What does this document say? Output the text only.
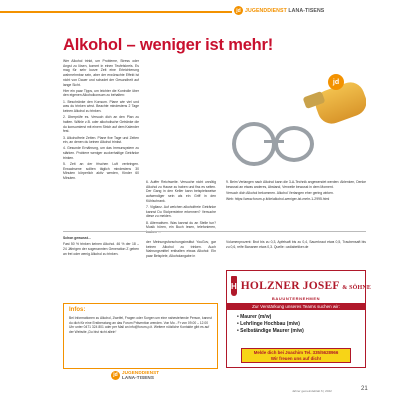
jd JUGENDDIENST LANA-TISENS
Alkohol – weniger ist mehr!

Wer Alkohol trinkt, um Probleme, Stress oder Angst zu lösen, kommt in einen Teufelskreis. Es mag für sehr kurze Zeit eine Erleichterung wahrnehmbar sein, aber der erwünschte Effekt ist nicht von Dauer und schadet der Gesundheit auf lange Sicht.

Hier ein paar Tipps, um leichter die Kontrolle über den eigenen Alkoholkonsum zu behalten:

1. Beschränke den Konsum. Plane wie viel und was du trinken wirst. Beachte mindestens 2 Tage keinen Alkohol zu trinken.

2. Überprüfe es. Versuch dich an den Plan zu halten. Wähle z.B. oder alkoholische Getränke die du konsumierst mit einem Strich auf dem Kalender fest.

3. Alkoholfreie Zeiten. Plane fixe Tage und Zeiten ein, an denen du keinen Alkohol trinkst.

4. Gesunde Ernährung, um das Immunsystem zu stärken. Probiere weniger zuckerhaltige Getränke trinken.

5. Zeit an der frischen Luft verbringen. Erwachsene sollten täglich mindestens 30 Minuten körperlich aktiv werden, Kinder 60 Minuten.

jd

6. Auffer Reichweite. Versuche nicht unnötig Alkohol zu Hause zu haben und fiss es selten. Der Gang in den Keller kann beispielsweise aufwendiger sein als ein Griff in den Kühlschrank.

7. Vigilanz. Auf welchen alkoholfreie Getränke kannst Du Stolpersteine erkennen? Versuche diese zu meiden.

8. Alternativen. Was kannst du an Stelle tun? Musik hören, ein Buch lesen, telefonieren, kochen ...

9. Beim Verlangen nach Alkohol kann die 3-A-Technik angewendet werden: Ablenken, Denke bewusst an etwas anderes, Abstand, Verweile bewusst in dem Moment.

Versuch dich Alkohol bekommen. Alkohol Verlangen eher gering wirken.

Web: https://www.forum-p.it/de/alkohol-weniger-ist-mehr-1-2995.html

Schon gewusst...

Fast 50 % trinken keinen Alkohol. 46 % der 18 – 24 Jährigen der sogenannten Generation Z geben an frei oder wenig Alkohol zu trinken.

der Meinungsforschungsinstitut YouGov, gar keinen Alkohol zu trinken. Auch Nahrungsmittel enthalten etwas Alkohol: Ein paar Beispiele, Alkoholangabe in

Volumenprozent: Brot bis zu 0,3, Apfelsaft bis zu 0,4, Sauerkraut etwa 0,5, Traubensaft bis zu 0,6, reife Bananen etwa 0,3. Quelle: ozdiabetiker.de

Infos:
Bei Informationen zu Alkohol, Zweifel, Fragen oder Sorgen um eine nahestehende Person, kannst du dich für eine Erstberatung an das Forum Prävention wenden. Von Mo - Fr von 09.00 – 12.00 Uhr unter 0471 324 801 oder per Mail an info@forum-p.it. Weitere nützliche Kontakte gibt es auf der Website „Du bist nicht allein“
jd JUGENDDIENST
LANA-TISENS
H HOLZNER JOSEF & SÖHNE
BAUUNTERNEHMEN
Zur Verstärkung unseres Teams suchen wir:
• Maurer (m/w)
• Lehrlinge Hochbau (m/w)
• Selbständige Maurer (m/w)
Melde dich bei Joachim Tel. 335/5628966
Wir freuen uns auf dich!
Jahrer gemeindeblatt 6 | 2022	21
